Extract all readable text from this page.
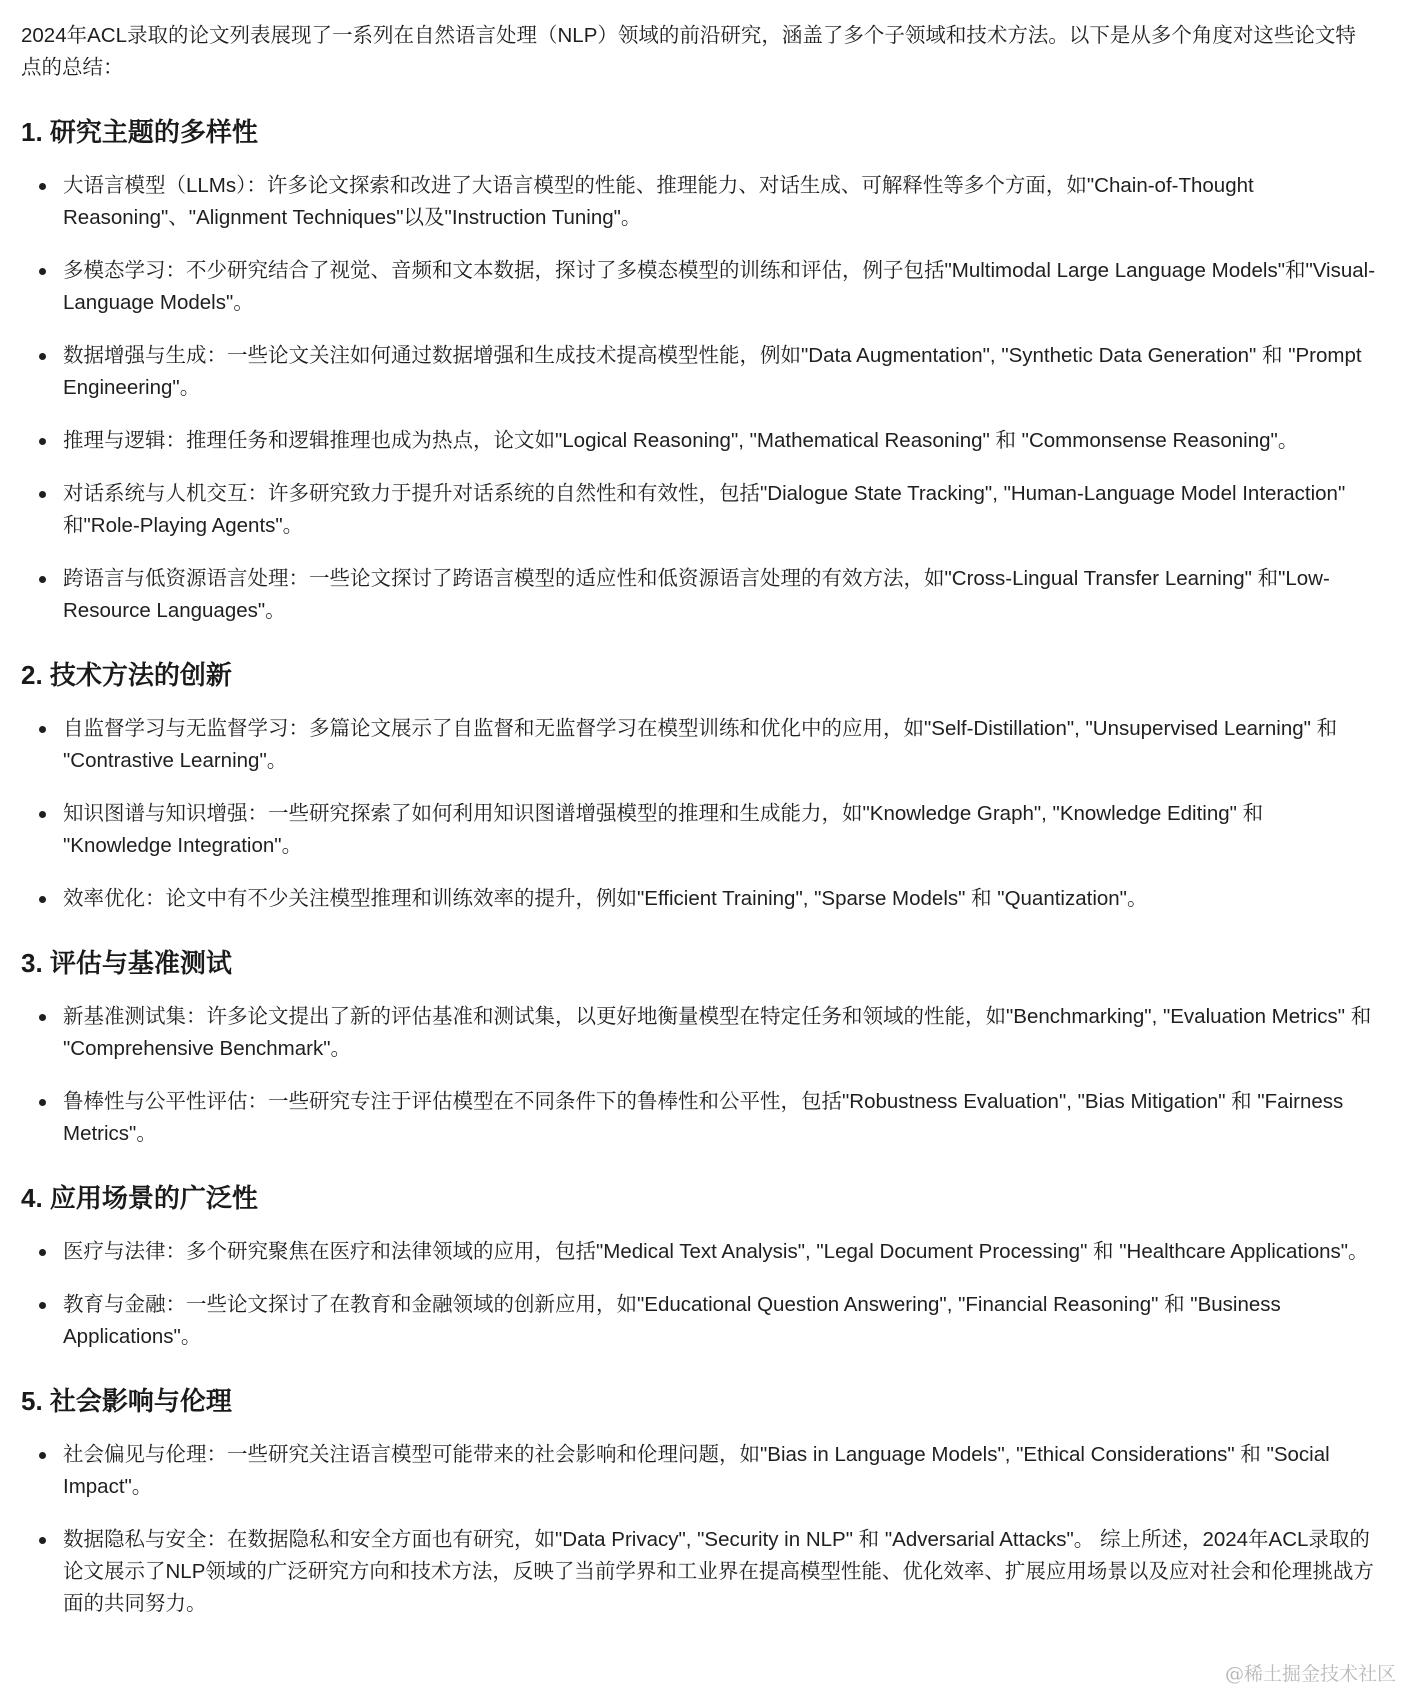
2024年ACL录取的论文列表展现了一系列在自然语言处理（NLP）领域的前沿研究，涵盖了多个子领域和技术方法。以下是从多个角度对这些论文特点的总结：

1. 研究主题的多样性
大语言模型（LLMs）：许多论文探索和改进了大语言模型的性能、推理能力、对话生成、可解释性等多个方面，如"Chain-of-Thought Reasoning"、"Alignment Techniques"以及"Instruction Tuning"。
多模态学习：不少研究结合了视觉、音频和文本数据，探讨了多模态模型的训练和评估，例子包括"Multimodal Large Language Models"和"Visual-Language Models"。
数据增强与生成：一些论文关注如何通过数据增强和生成技术提高模型性能，例如"Data Augmentation", "Synthetic Data Generation" 和 "Prompt Engineering"。
推理与逻辑：推理任务和逻辑推理也成为热点，论文如"Logical Reasoning", "Mathematical Reasoning" 和 "Commonsense Reasoning"。
对话系统与人机交互：许多研究致力于提升对话系统的自然性和有效性，包括"Dialogue State Tracking", "Human-Language Model Interaction" 和"Role-Playing Agents"。
跨语言与低资源语言处理：一些论文探讨了跨语言模型的适应性和低资源语言处理的有效方法，如"Cross-Lingual Transfer Learning" 和"Low-Resource Languages"。
2. 技术方法的创新
自监督学习与无监督学习：多篇论文展示了自监督和无监督学习在模型训练和优化中的应用，如"Self-Distillation", "Unsupervised Learning" 和 "Contrastive Learning"。
知识图谱与知识增强：一些研究探索了如何利用知识图谱增强模型的推理和生成能力，如"Knowledge Graph", "Knowledge Editing" 和 "Knowledge Integration"。
效率优化：论文中有不少关注模型推理和训练效率的提升，例如"Efficient Training", "Sparse Models" 和 "Quantization"。
3. 评估与基准测试
新基准测试集：许多论文提出了新的评估基准和测试集，以更好地衡量模型在特定任务和领域的性能，如"Benchmarking", "Evaluation Metrics" 和 "Comprehensive Benchmark"。
鲁棒性与公平性评估：一些研究专注于评估模型在不同条件下的鲁棒性和公平性，包括"Robustness Evaluation", "Bias Mitigation" 和 "Fairness Metrics"。
4. 应用场景的广泛性
医疗与法律：多个研究聚焦在医疗和法律领域的应用，包括"Medical Text Analysis", "Legal Document Processing" 和 "Healthcare Applications"。
教育与金融：一些论文探讨了在教育和金融领域的创新应用，如"Educational Question Answering", "Financial Reasoning" 和 "Business Applications"。
5. 社会影响与伦理
社会偏见与伦理：一些研究关注语言模型可能带来的社会影响和伦理问题，如"Bias in Language Models", "Ethical Considerations" 和 "Social Impact"。
数据隐私与安全：在数据隐私和安全方面也有研究，如"Data Privacy", "Security in NLP" 和 "Adversarial Attacks"。 综上所述，2024年ACL录取的论文展示了NLP领域的广泛研究方向和技术方法，反映了当前学界和工业界在提高模型性能、优化效率、扩展应用场景以及应对社会和伦理挑战方面的共同努力。
@稀土掘金技术社区
